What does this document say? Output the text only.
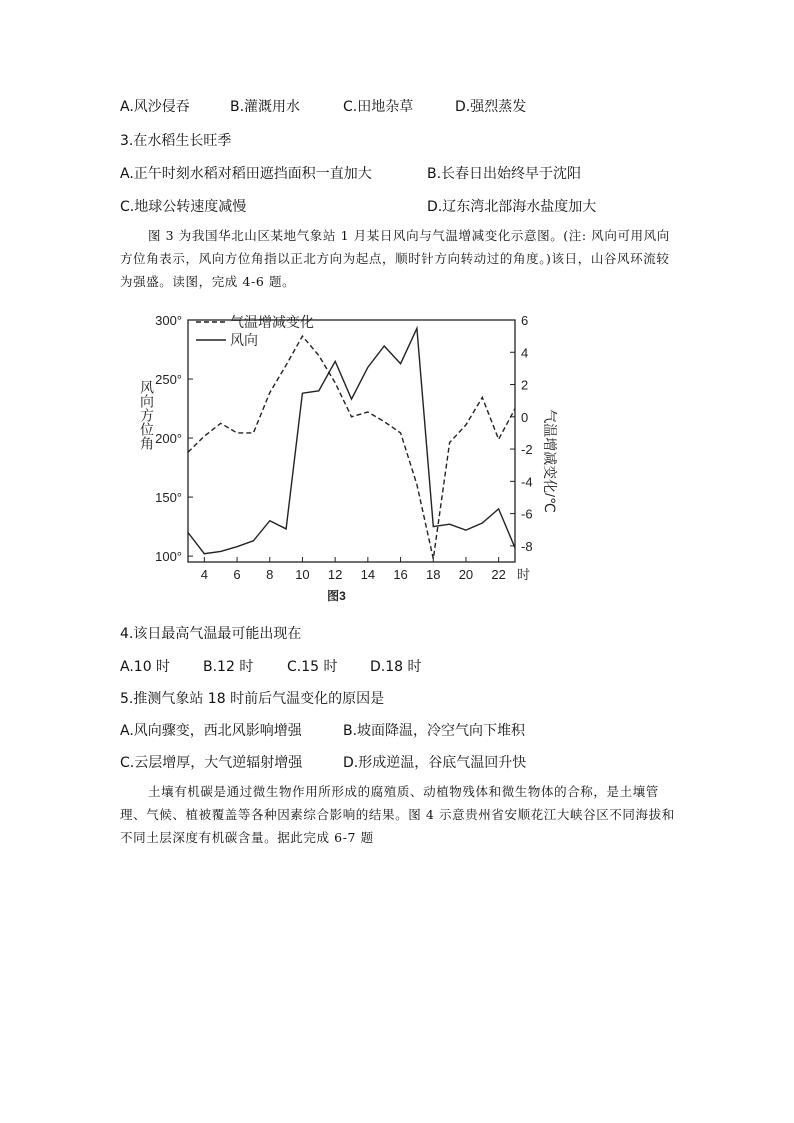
A.风沙侵吞	B.灌溉用水	C.田地杂草	D.强烈蒸发
3.在水稻生长旺季
A.正午时刻水稻对稻田遮挡面积一直加大	B.长春日出始终早于沈阳
C.地球公转速度减慢	D.辽东湾北部海水盐度加大
图 3 为我国华北山区某地气象站 1 月某日风向与气温增减变化示意图。(注: 风向可用风向方位角表示，风向方位角指以正北方向为起点，顺时针方向转动过的角度。)该日，山谷风环流较为强盛。读图，完成 4-6 题。
100°
150°
200°
250°
300°	6
4
2
0
-2
-4
-6
-8
4 6 8 10 12 14 16 18 20 22 时
图3
风向方位角	气温增减变化/℃
气温增减变化
风向
4.该日最高气温最可能出现在
A.10 时 B.12 时 C.15 时 D.18 时
5.推测气象站 18 时前后气温变化的原因是
A.风向骤变，西北风影响增强	B.坡面降温，冷空气向下堆积
C.云层增厚，大气逆辐射增强	D.形成逆温，谷底气温回升快
土壤有机碳是通过微生物作用所形成的腐殖质、动植物残体和微生物体的合称，是土壤管理、气候、植被覆盖等各种因素综合影响的结果。图 4 示意贵州省安顺花江大峡谷区不同海拔和不同土层深度有机碳含量。据此完成 6-7 题
